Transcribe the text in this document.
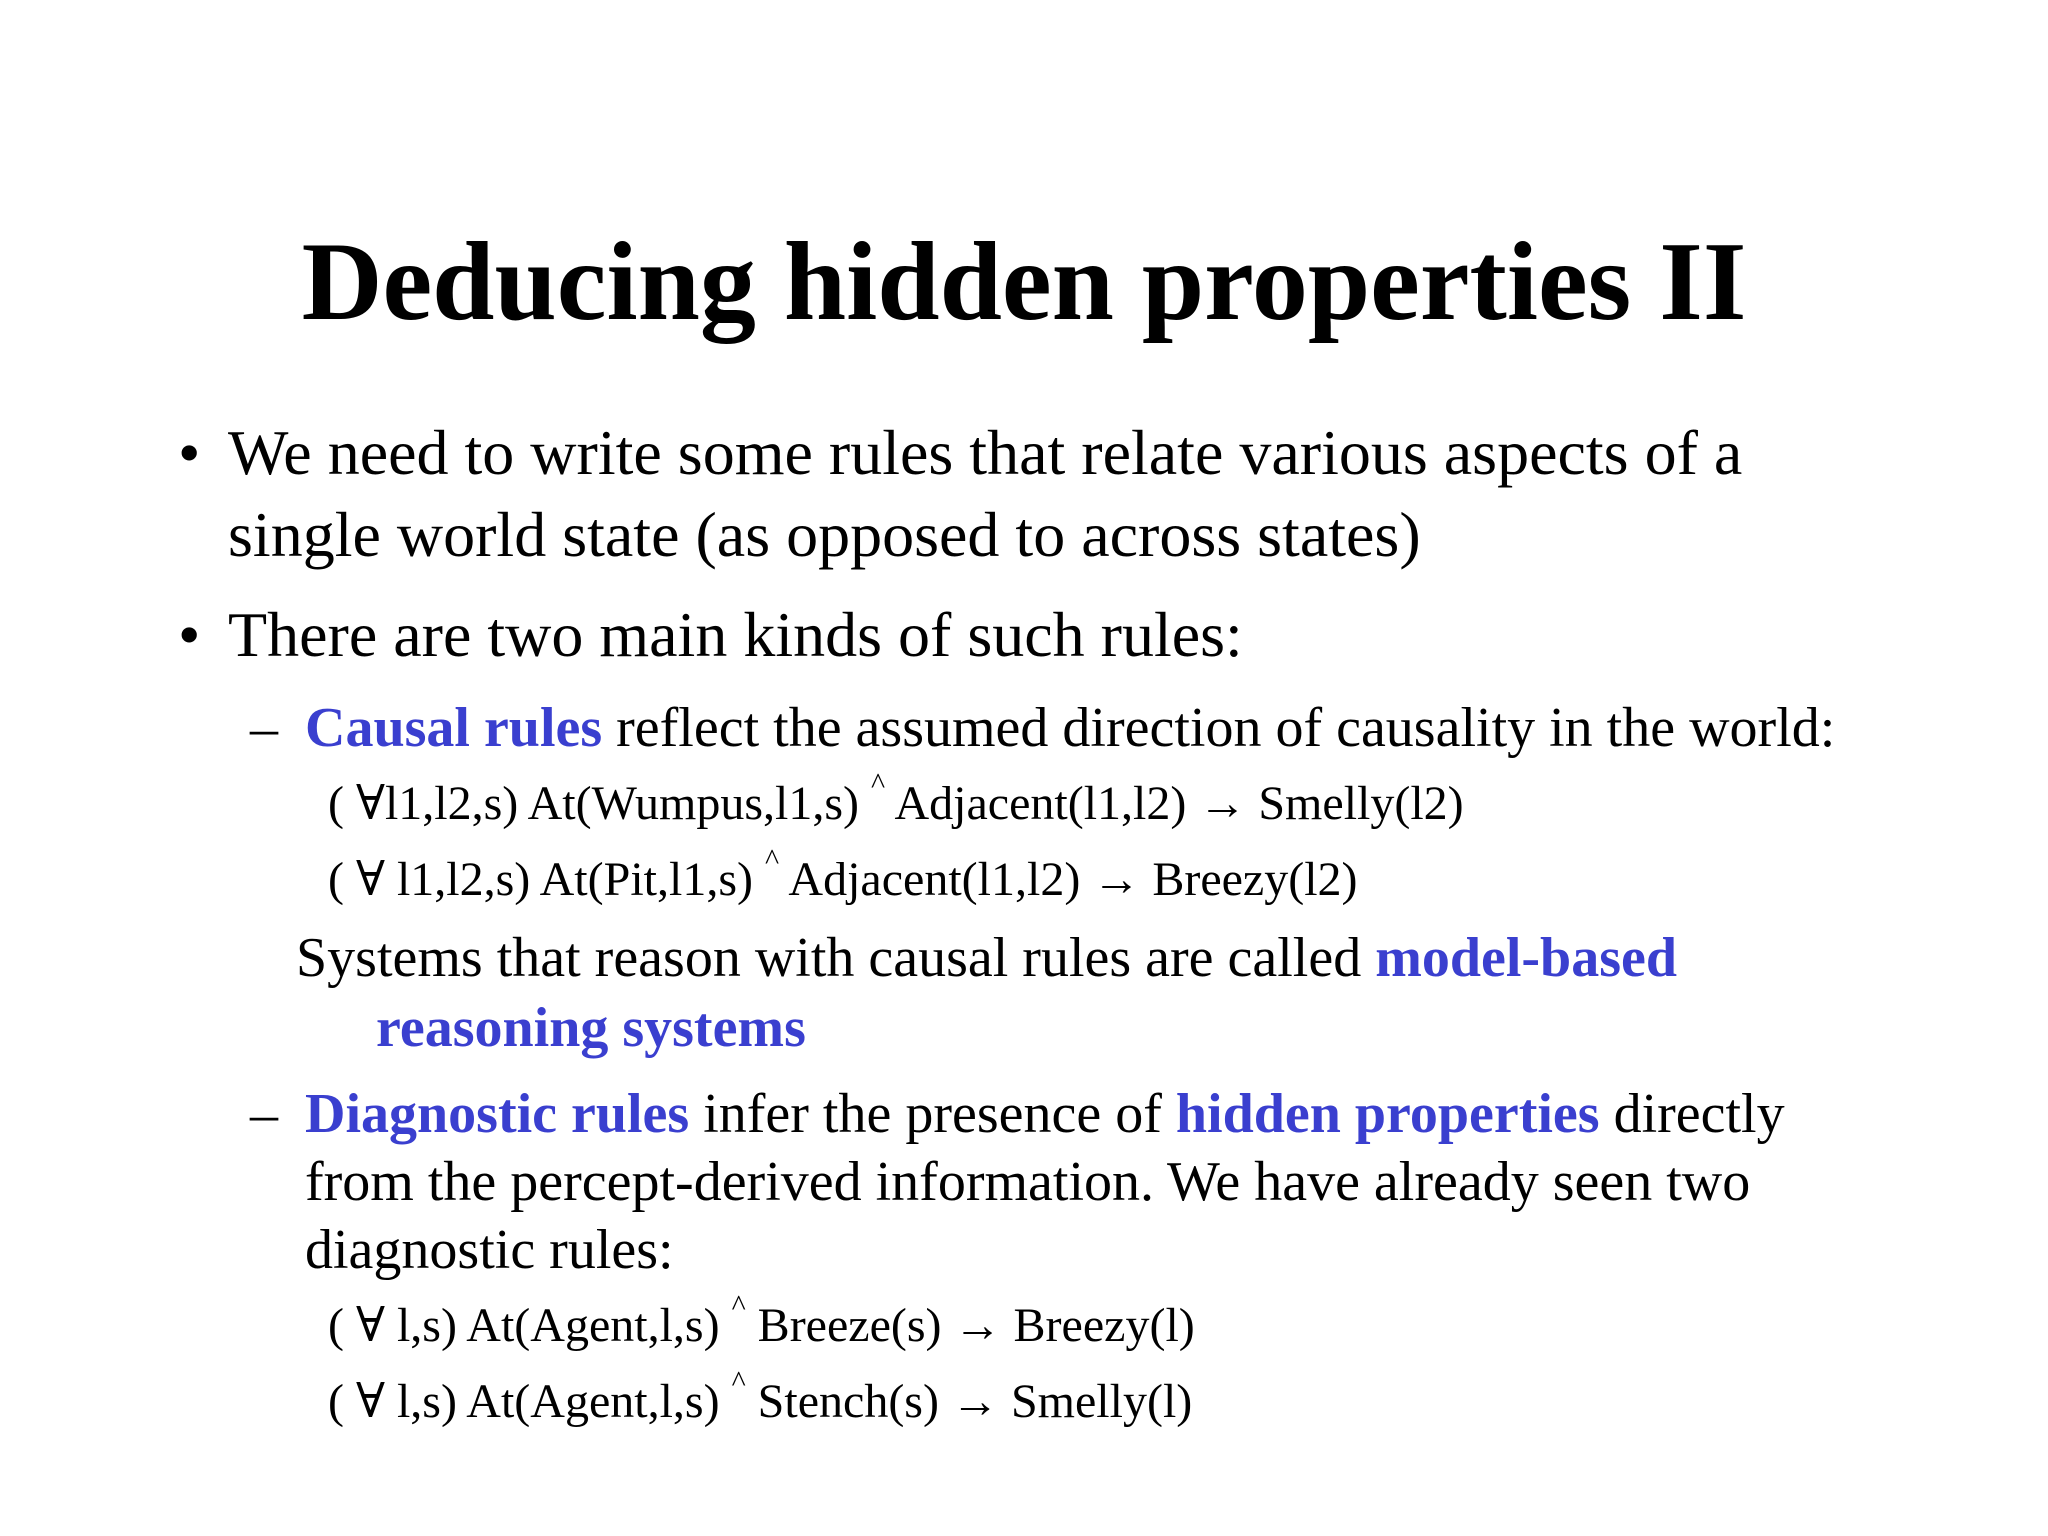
Deducing hidden properties II
• We need to write some rules that relate various aspects of a
single world state (as opposed to across states)
• There are two main kinds of such rules:
– Causal rules reflect the assumed direction of causality in the world:
( ∀l1,l2,s) At(Wumpus,l1,s) ^ Adjacent(l1,l2) → Smelly(l2)
( ∀ l1,l2,s) At(Pit,l1,s) ^ Adjacent(l1,l2) → Breezy(l2)
Systems that reason with causal rules are called model-based
reasoning systems
– Diagnostic rules infer the presence of hidden properties directly
from the percept-derived information. We have already seen two
diagnostic rules:
( ∀ l,s) At(Agent,l,s) ^ Breeze(s) → Breezy(l)
( ∀ l,s) At(Agent,l,s) ^ Stench(s) → Smelly(l)
